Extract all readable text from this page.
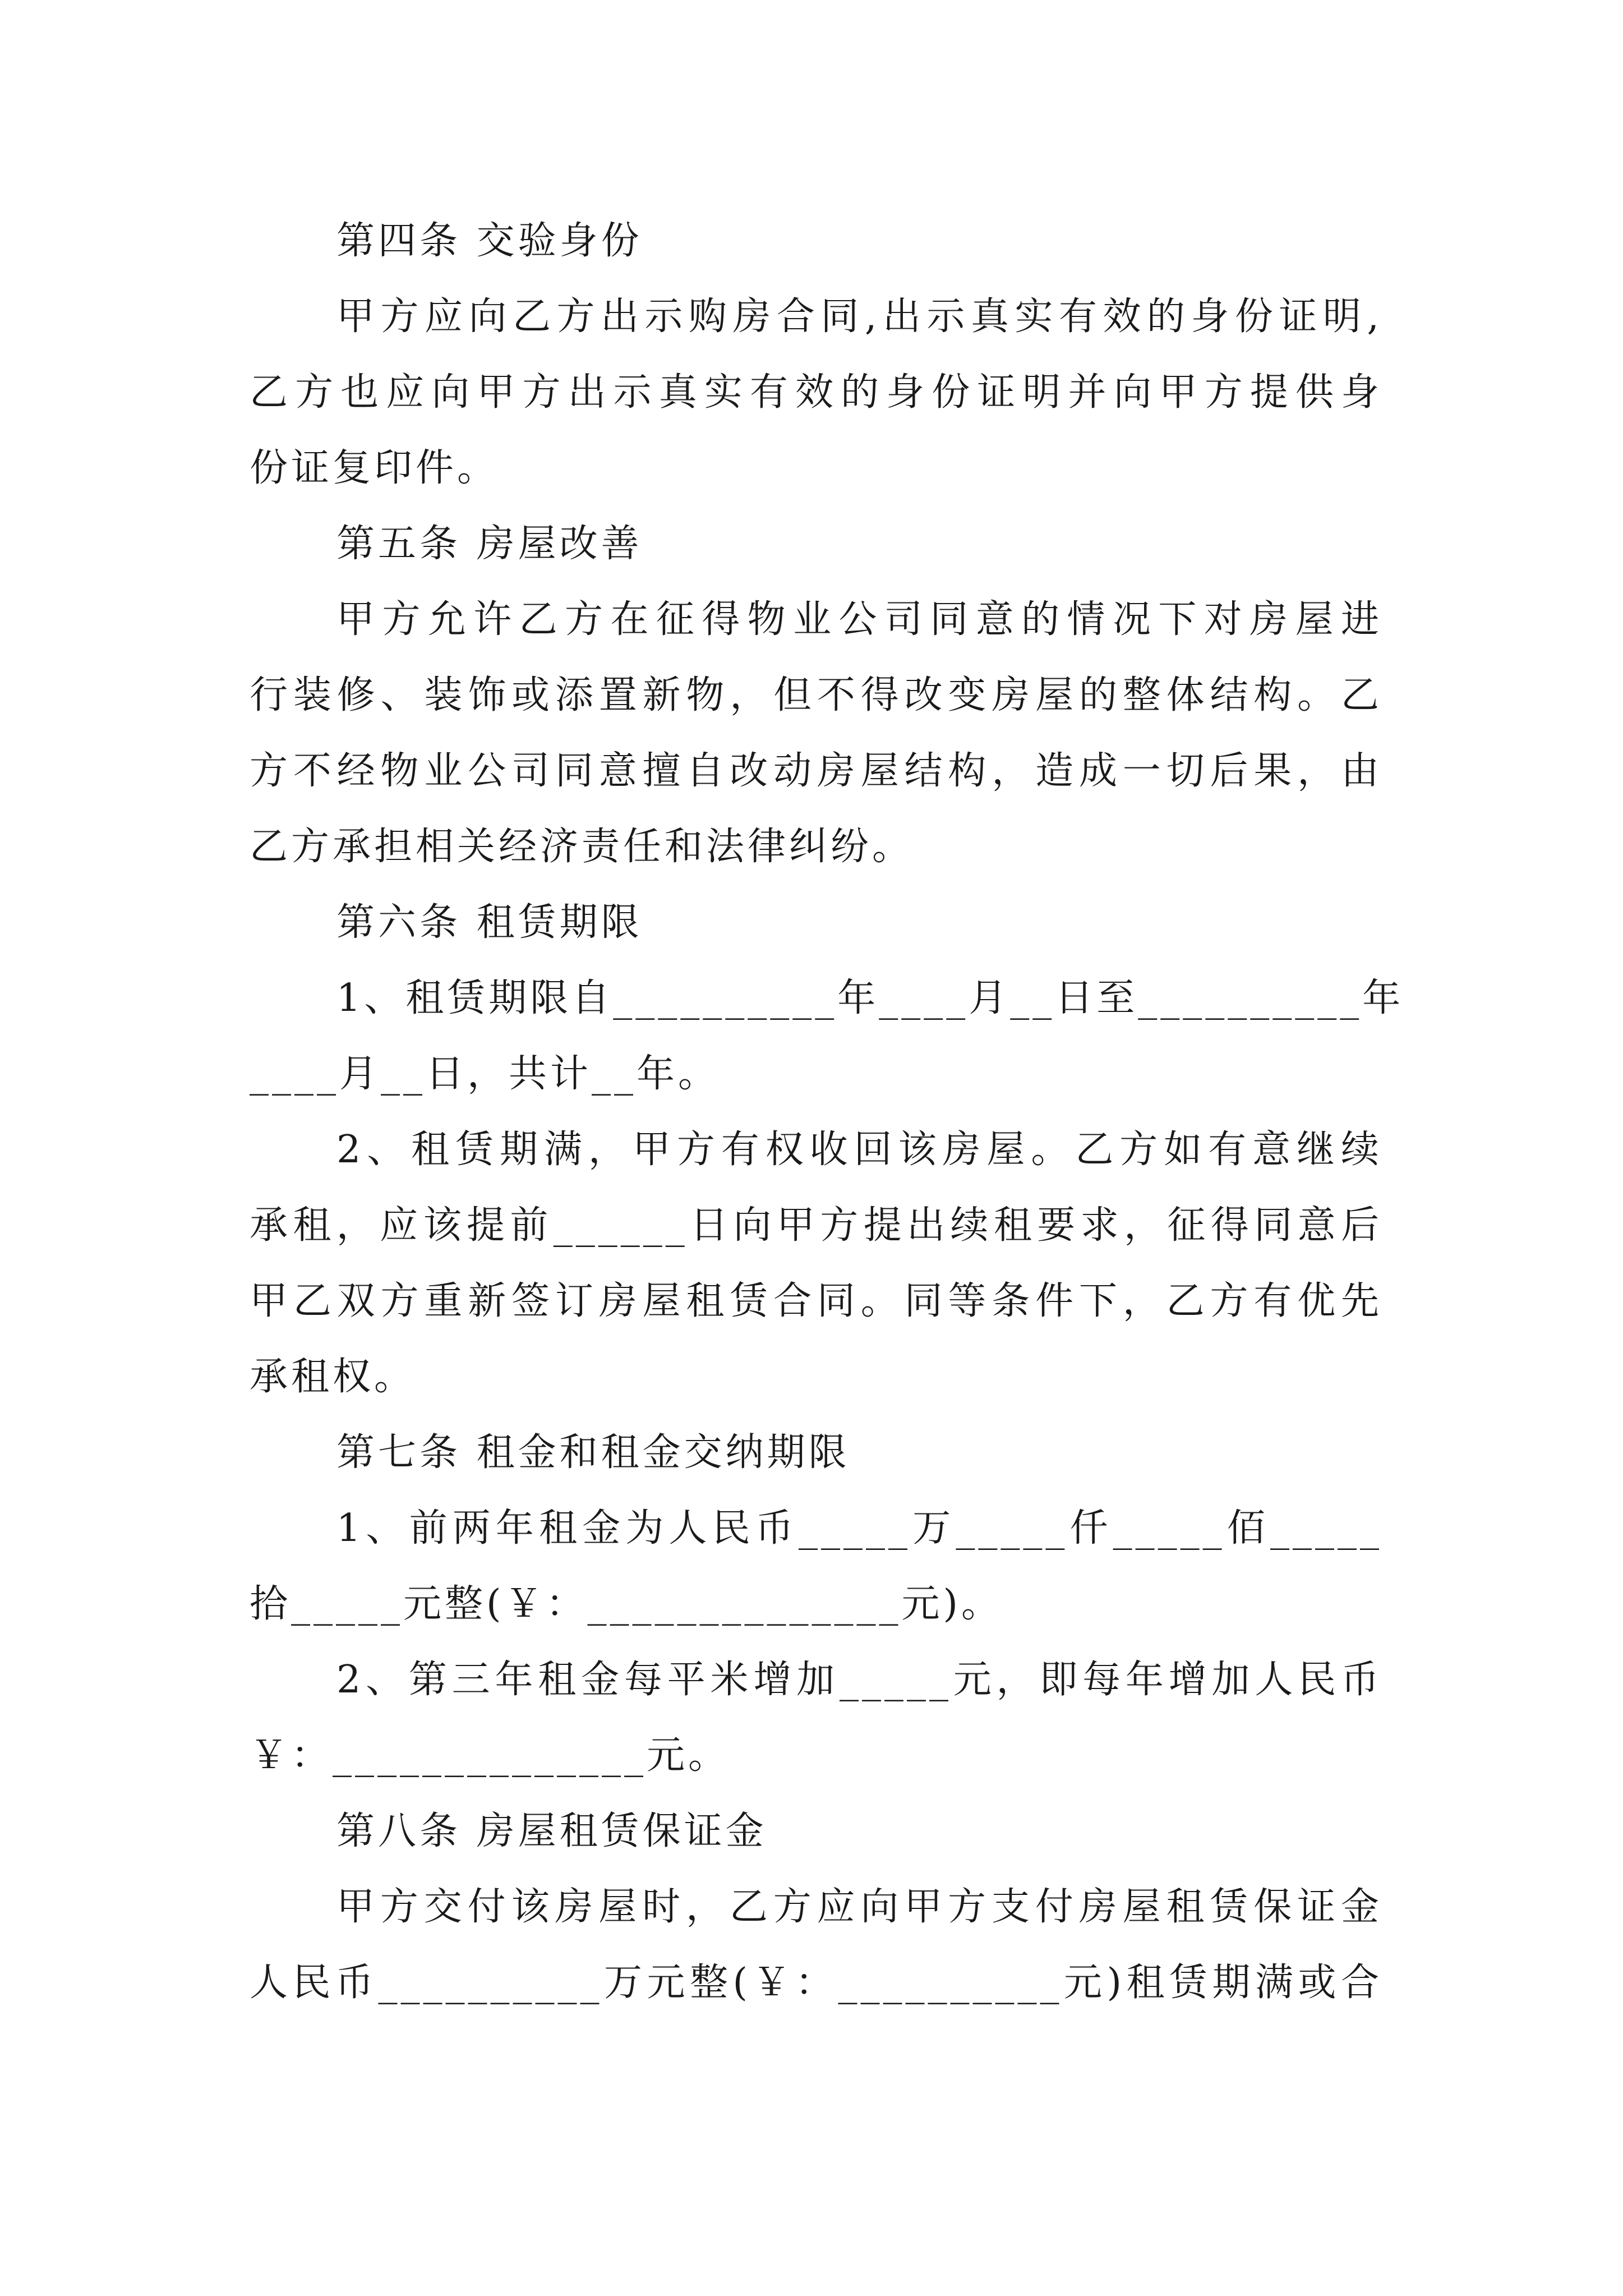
第四条 交验身份
甲方应向乙方出示购房合同,出示真实有效的身份证明,
乙方也应向甲方出示真实有效的身份证明并向甲方提供身
份证复印件。
第五条 房屋改善
甲方允许乙方在征得物业公司同意的情况下对房屋进
行装修、装饰或添置新物，但不得改变房屋的整体结构。乙
方不经物业公司同意擅自改动房屋结构，造成一切后果，由
乙方承担相关经济责任和法律纠纷。
第六条 租赁期限
1、租赁期限自__________年____月__日至__________年
____月__日，共计__年。
2、租赁期满，甲方有权收回该房屋。乙方如有意继续
承租，应该提前______日向甲方提出续租要求，征得同意后
甲乙双方重新签订房屋租赁合同。同等条件下，乙方有优先
承租权。
第七条 租金和租金交纳期限
1、前两年租金为人民币_____万_____仟_____佰_____
拾_____元整(￥：______________元)。
2、第三年租金每平米增加_____元，即每年增加人民币
￥：______________元。
第八条 房屋租赁保证金
甲方交付该房屋时，乙方应向甲方支付房屋租赁保证金
人民币__________万元整(￥：__________元)租赁期满或合
